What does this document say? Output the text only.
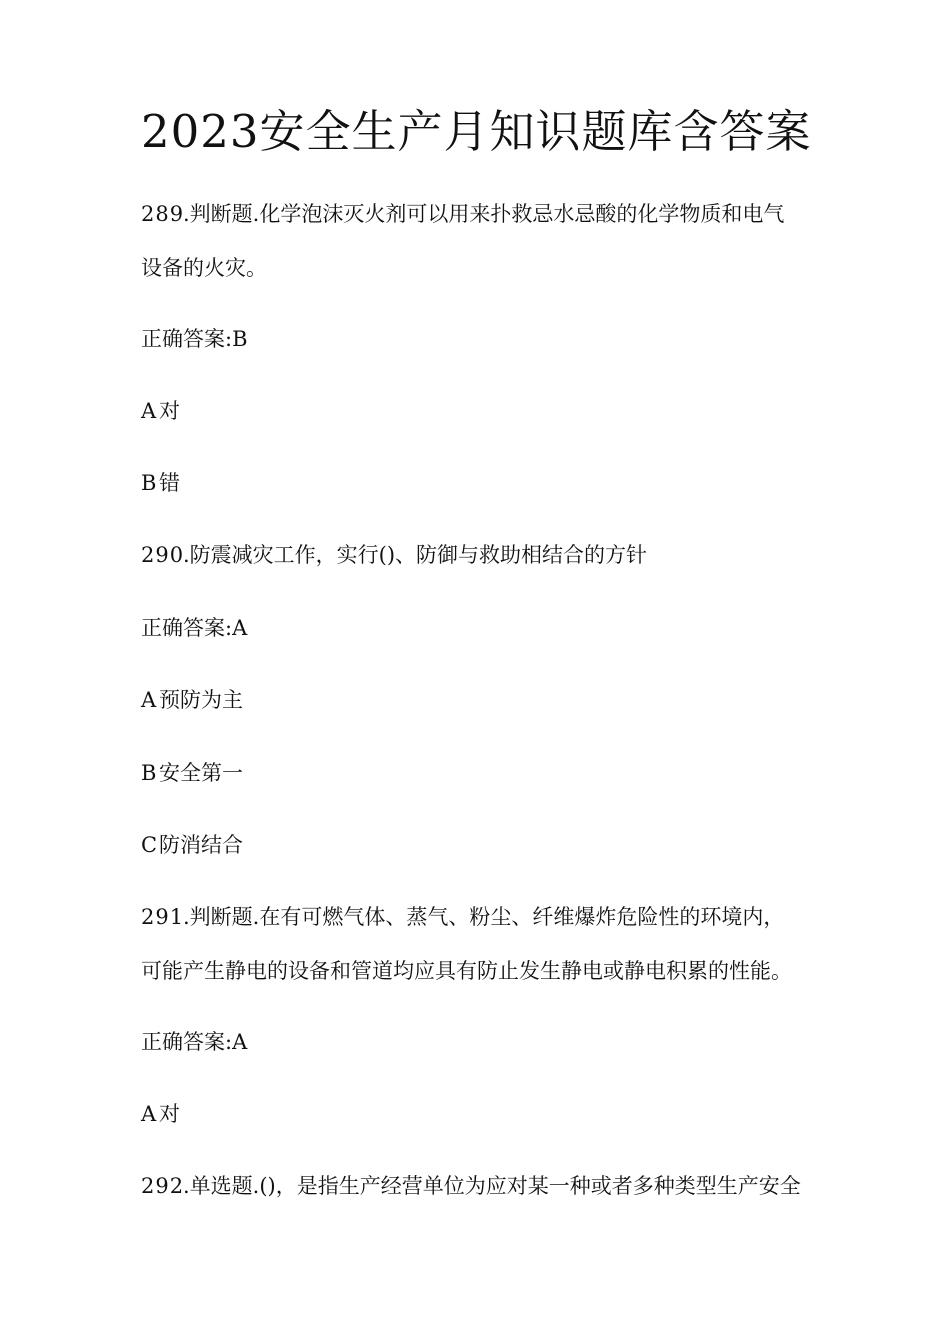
2023安全生产月知识题库含答案
289.判断题.化学泡沫灭火剂可以用来扑救忌水忌酸的化学物质和电气
设备的火灾。
正确答案:B
A 对
B 错
290.防震减灾工作，实行()、防御与救助相结合的方针
正确答案:A
A 预防为主
B 安全第一
C防消结合
291.判断题.在有可燃气体、蒸气、粉尘、纤维爆炸危险性的环境内，
可能产生静电的设备和管道均应具有防止发生静电或静电积累的性能。
正确答案:A
A 对
292.单选题.()，是指生产经营单位为应对某一种或者多种类型生产安全
